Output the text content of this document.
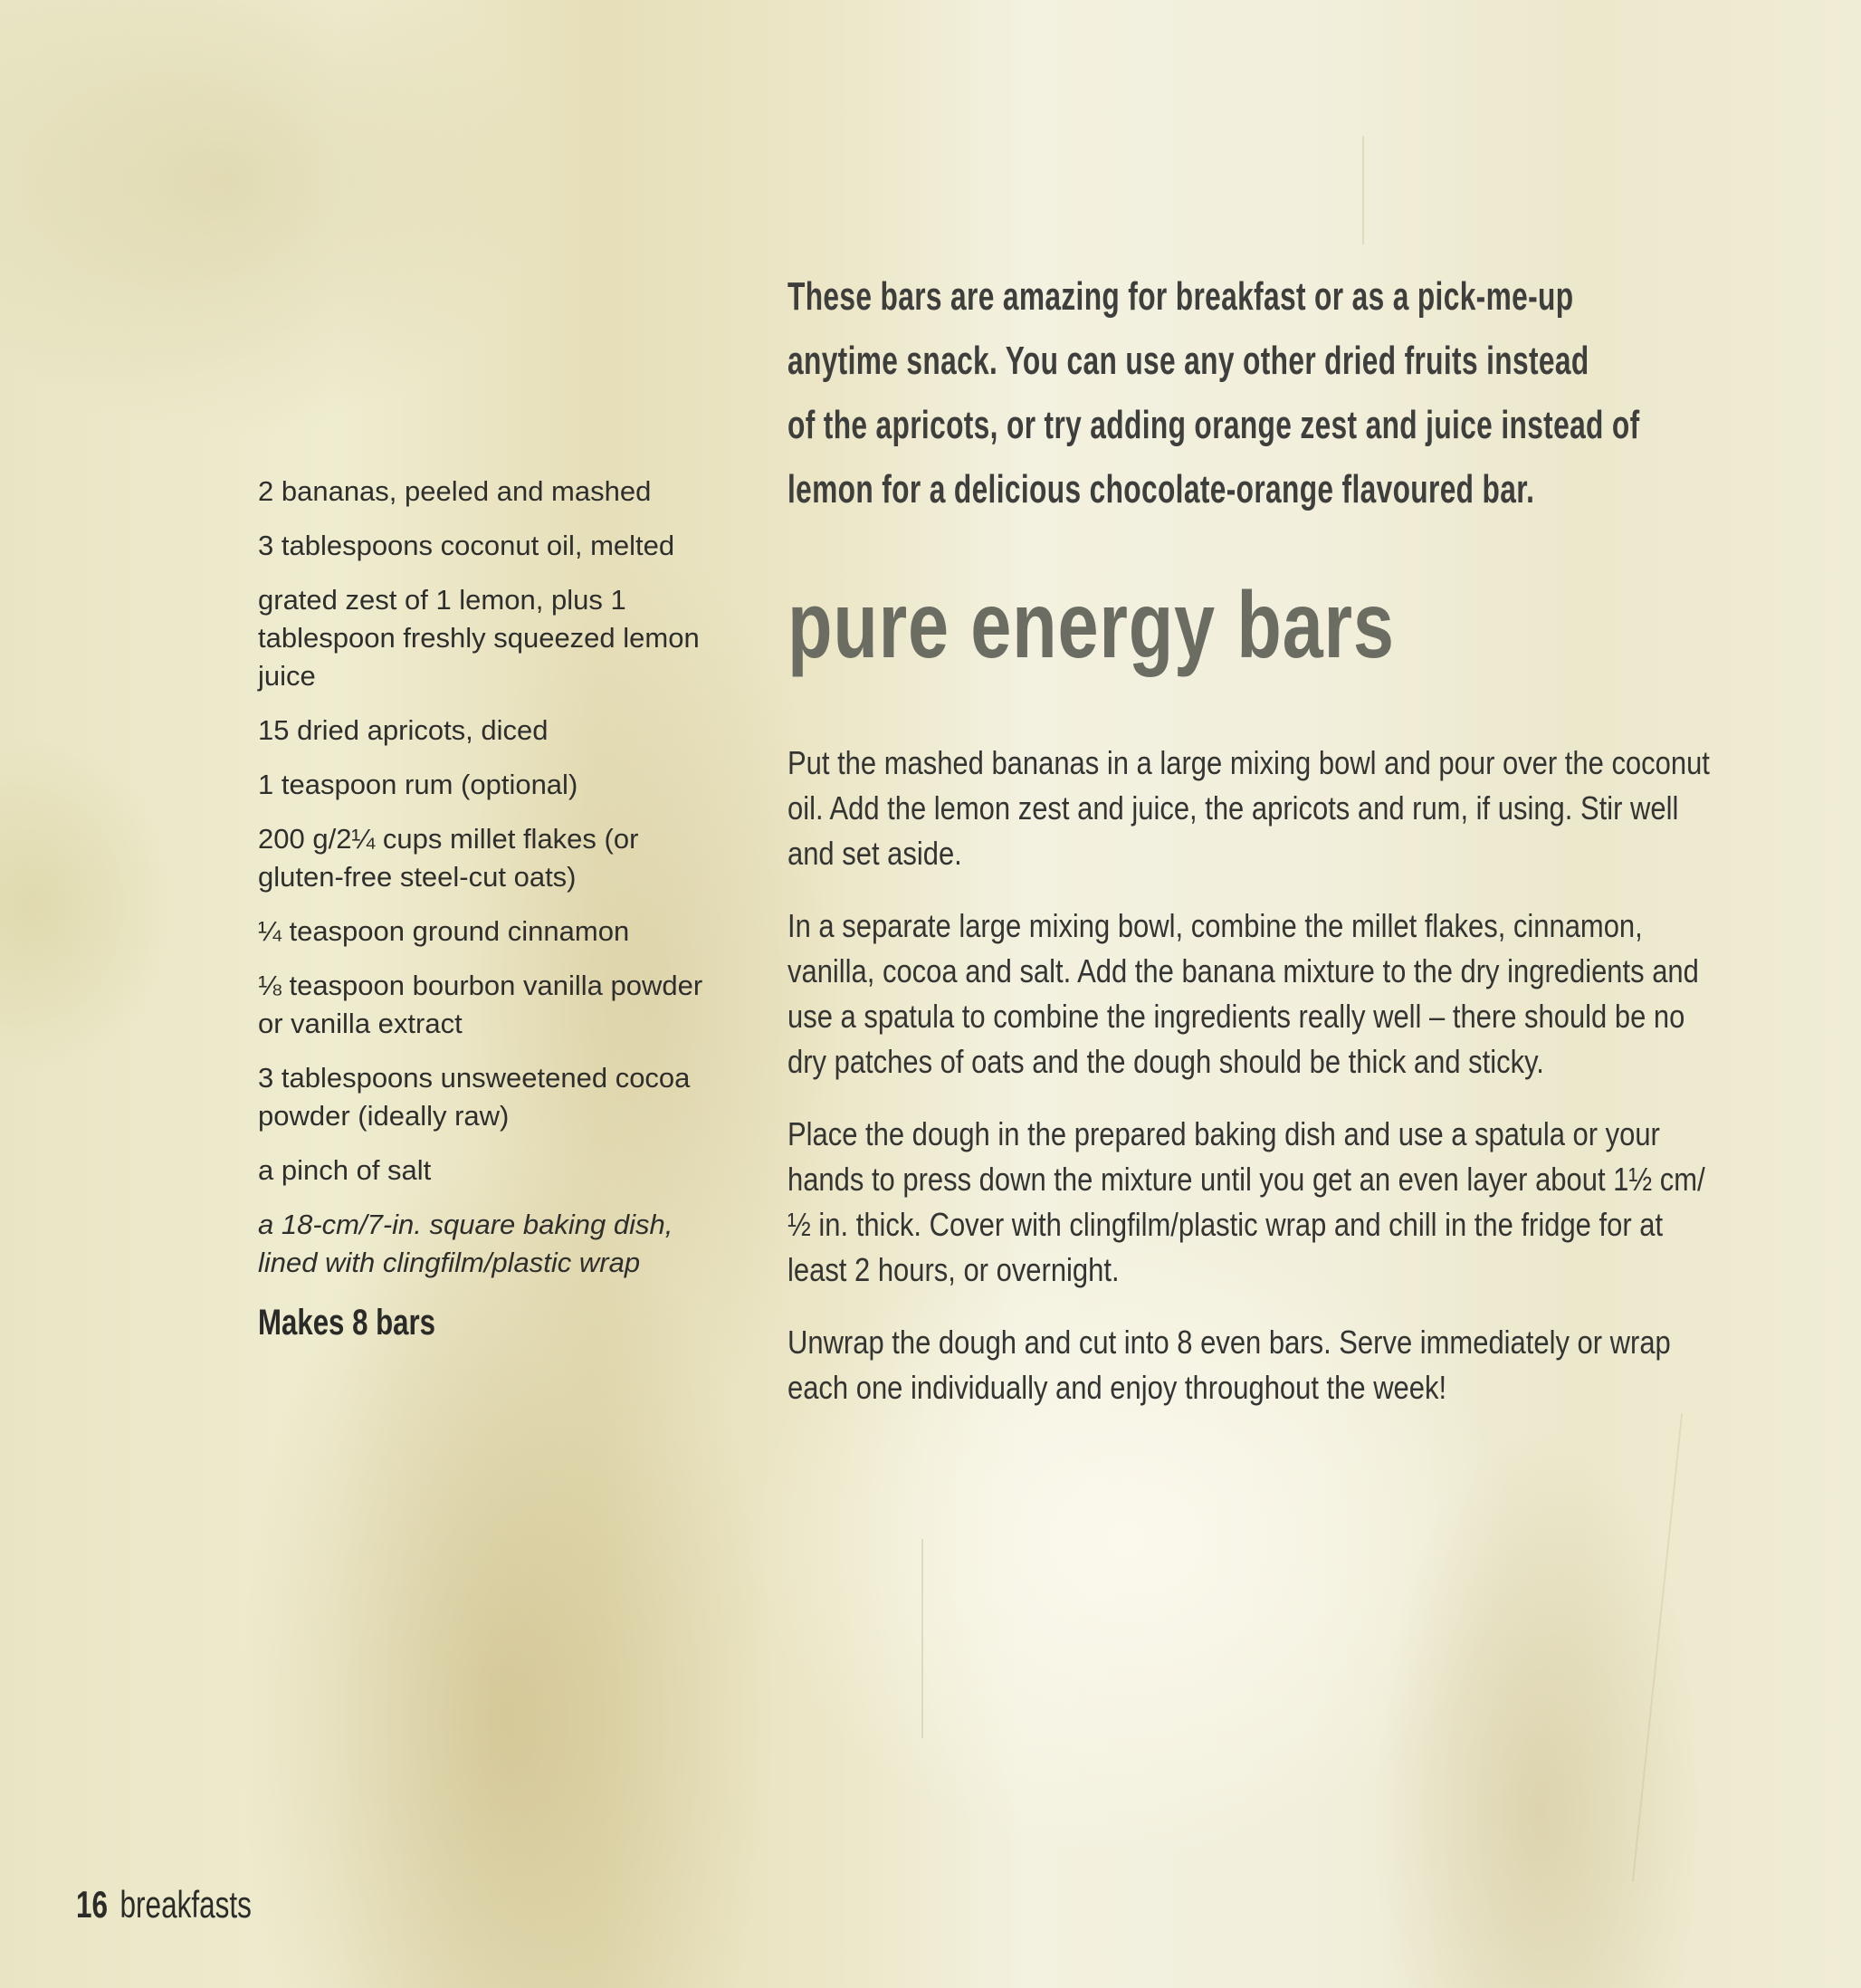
These bars are amazing for breakfast or as a pick-me-up
anytime snack. You can use any other dried fruits instead
of the apricots, or try adding orange zest and juice instead of
lemon for a delicious chocolate-orange flavoured bar.
pure energy bars
2 bananas, peeled and mashed
3 tablespoons coconut oil, melted
grated zest of 1 lemon, plus 1 tablespoon freshly squeezed lemon juice
15 dried apricots, diced
1 teaspoon rum (optional)
200 g/2¼ cups millet flakes (or gluten-free steel-cut oats)
¼ teaspoon ground cinnamon
⅛ teaspoon bourbon vanilla powder or vanilla extract
3 tablespoons unsweetened cocoa powder (ideally raw)
a pinch of salt
a 18-cm/7-in. square baking dish, lined with clingfilm/plastic wrap
Makes 8 bars

Put the mashed bananas in a large mixing bowl and pour over the coconut oil. Add the lemon zest and juice, the apricots and rum, if using. Stir well and set aside.

In a separate large mixing bowl, combine the millet flakes, cinnamon, vanilla, cocoa and salt. Add the banana mixture to the dry ingredients and use a spatula to combine the ingredients really well – there should be no dry patches of oats and the dough should be thick and sticky.

Place the dough in the prepared baking dish and use a spatula or your hands to press down the mixture until you get an even layer about 1½ cm/½ in. thick. Cover with clingfilm/plastic wrap and chill in the fridge for at least 2 hours, or overnight.

Unwrap the dough and cut into 8 even bars. Serve immediately or wrap each one individually and enjoy throughout the week!

16 breakfasts
